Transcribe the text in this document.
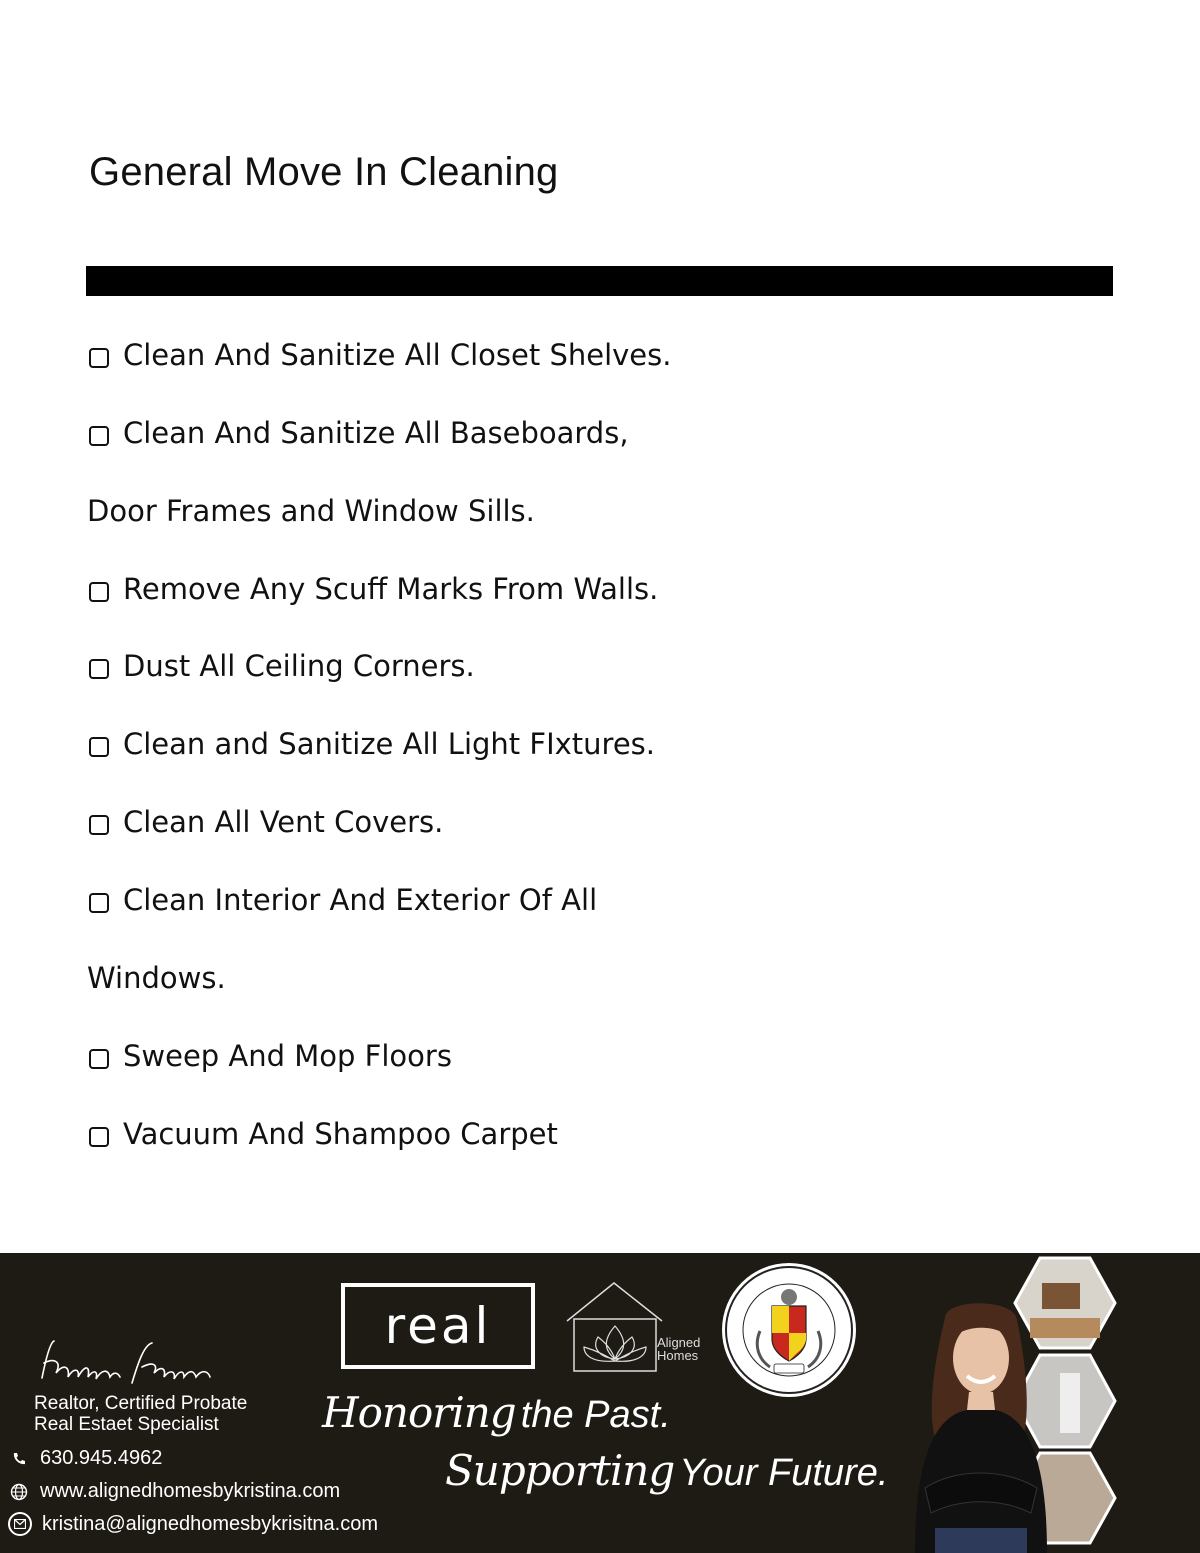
General Move In Cleaning
Clean And Sanitize All Closet Shelves.
Clean And Sanitize All Baseboards,
Door Frames and Window Sills.
Remove Any Scuff Marks From Walls.
Dust All Ceiling Corners.
Clean and Sanitize All Light FIxtures.
Clean All Vent Covers.
Clean Interior And Exterior Of All
Windows.
Sweep And Mop Floors
Vacuum And Shampoo Carpet
Realtor, Certified Probate
Real Estaet Specialist
630.945.4962
www.alignedhomesbykristina.com
kristina@alignedhomesbykrisitna.com
real	Aligned
Homes
Honoring the Past.
Supporting Your Future.
